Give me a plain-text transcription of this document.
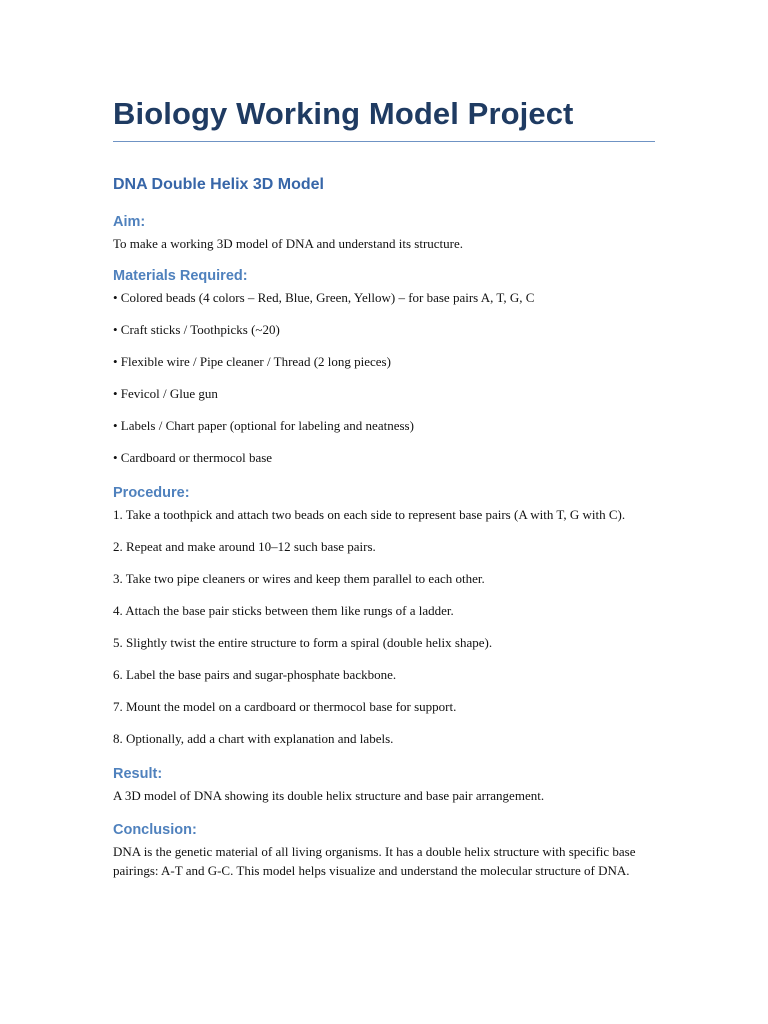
Biology Working Model Project
DNA Double Helix 3D Model
Aim:

To make a working 3D model of DNA and understand its structure.

Materials Required:
• Colored beads (4 colors – Red, Blue, Green, Yellow) – for base pairs A, T, G, C
• Craft sticks / Toothpicks (~20)
• Flexible wire / Pipe cleaner / Thread (2 long pieces)
• Fevicol / Glue gun
• Labels / Chart paper (optional for labeling and neatness)
• Cardboard or thermocol base
Procedure:
1. Take a toothpick and attach two beads on each side to represent base pairs (A with T, G with C).
2. Repeat and make around 10–12 such base pairs.
3. Take two pipe cleaners or wires and keep them parallel to each other.
4. Attach the base pair sticks between them like rungs of a ladder.
5. Slightly twist the entire structure to form a spiral (double helix shape).
6. Label the base pairs and sugar-phosphate backbone.
7. Mount the model on a cardboard or thermocol base for support.
8. Optionally, add a chart with explanation and labels.
Result:

A 3D model of DNA showing its double helix structure and base pair arrangement.

Conclusion:

DNA is the genetic material of all living organisms. It has a double helix structure with specific base pairings: A-T and G-C. This model helps visualize and understand the molecular structure of DNA.
